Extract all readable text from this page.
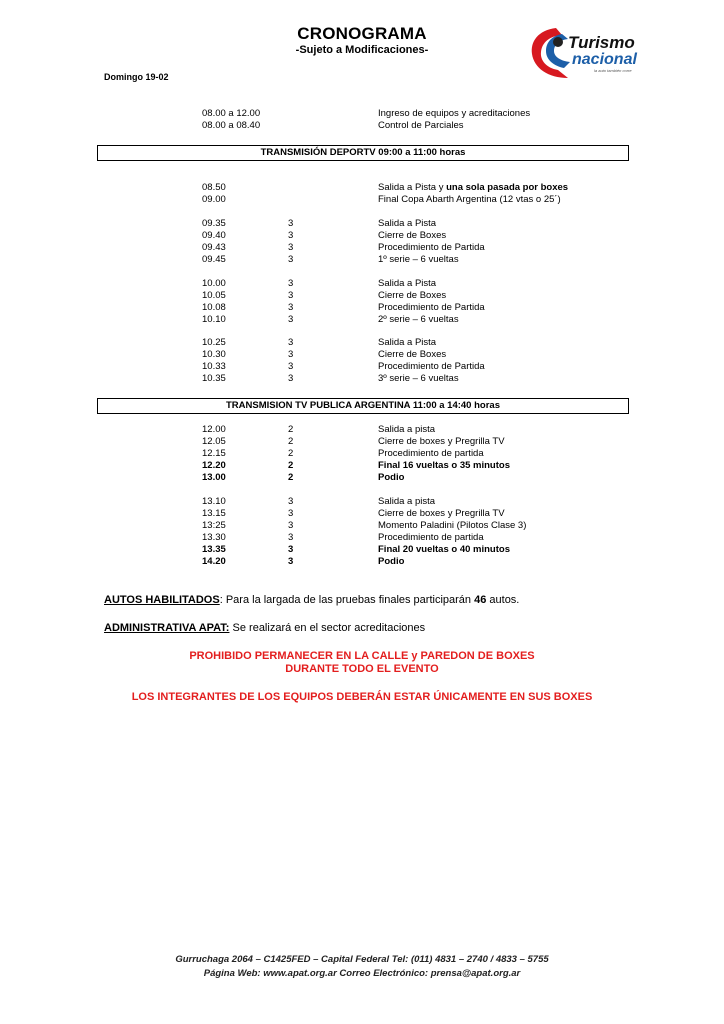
CRONOGRAMA
-Sujeto a Modificaciones-	Turismo
nacional
la auto también corre
Domingo 19-02
TRANSMISIÓN DEPORTV 09:00 a 11:00 horas
TRANSMISION TV PUBLICA ARGENTINA 11:00 a 14:40 horas
08.50	Salida a Pista y una sola pasada por boxes
08.00 a 12.00	Ingreso de equipos y acreditaciones
08.00 a 08.40	Control de Parciales
09.00	Final Copa Abarth Argentina (12 vtas o 25´)
09.35	3	Salida a Pista
09.40	3	Cierre de Boxes
09.43	3	Procedimiento de Partida
09.45	3	1º serie – 6 vueltas
10.00	3	Salida a Pista
10.05	3	Cierre de Boxes
10.08	3	Procedimiento de Partida
10.10	3	2º serie – 6 vueltas
10.25	3	Salida a Pista
10.30	3	Cierre de Boxes
10.33	3	Procedimiento de Partida
10.35	3	3º serie – 6 vueltas
12.00	2	Salida a pista
12.05	2	Cierre de boxes y Pregrilla TV
12.15	2	Procedimiento de partida
12.20	2	Final 16 vueltas o 35 minutos
13.00	2	Podio
13.10	3	Salida a pista
13.15	3	Cierre de boxes y Pregrilla TV
13:25	3	Momento Paladini (Pilotos Clase 3)
13.30	3	Procedimiento de partida
13.35	3	Final 20 vueltas o 40 minutos
14.20	3	Podio
AUTOS HABILITADOS: Para la largada de las pruebas finales participarán 46 autos.
ADMINISTRATIVA APAT: Se realizará en el sector acreditaciones
PROHIBIDO PERMANECER EN LA CALLE y PAREDON DE BOXES
DURANTE TODO EL EVENTO
LOS INTEGRANTES DE LOS EQUIPOS DEBERÁN ESTAR ÚNICAMENTE EN SUS BOXES
Gurruchaga 2064 – C1425FED – Capital Federal Tel: (011) 4831 – 2740 / 4833 – 5755
Página Web: www.apat.org.ar Correo Electrónico: prensa@apat.org.ar
